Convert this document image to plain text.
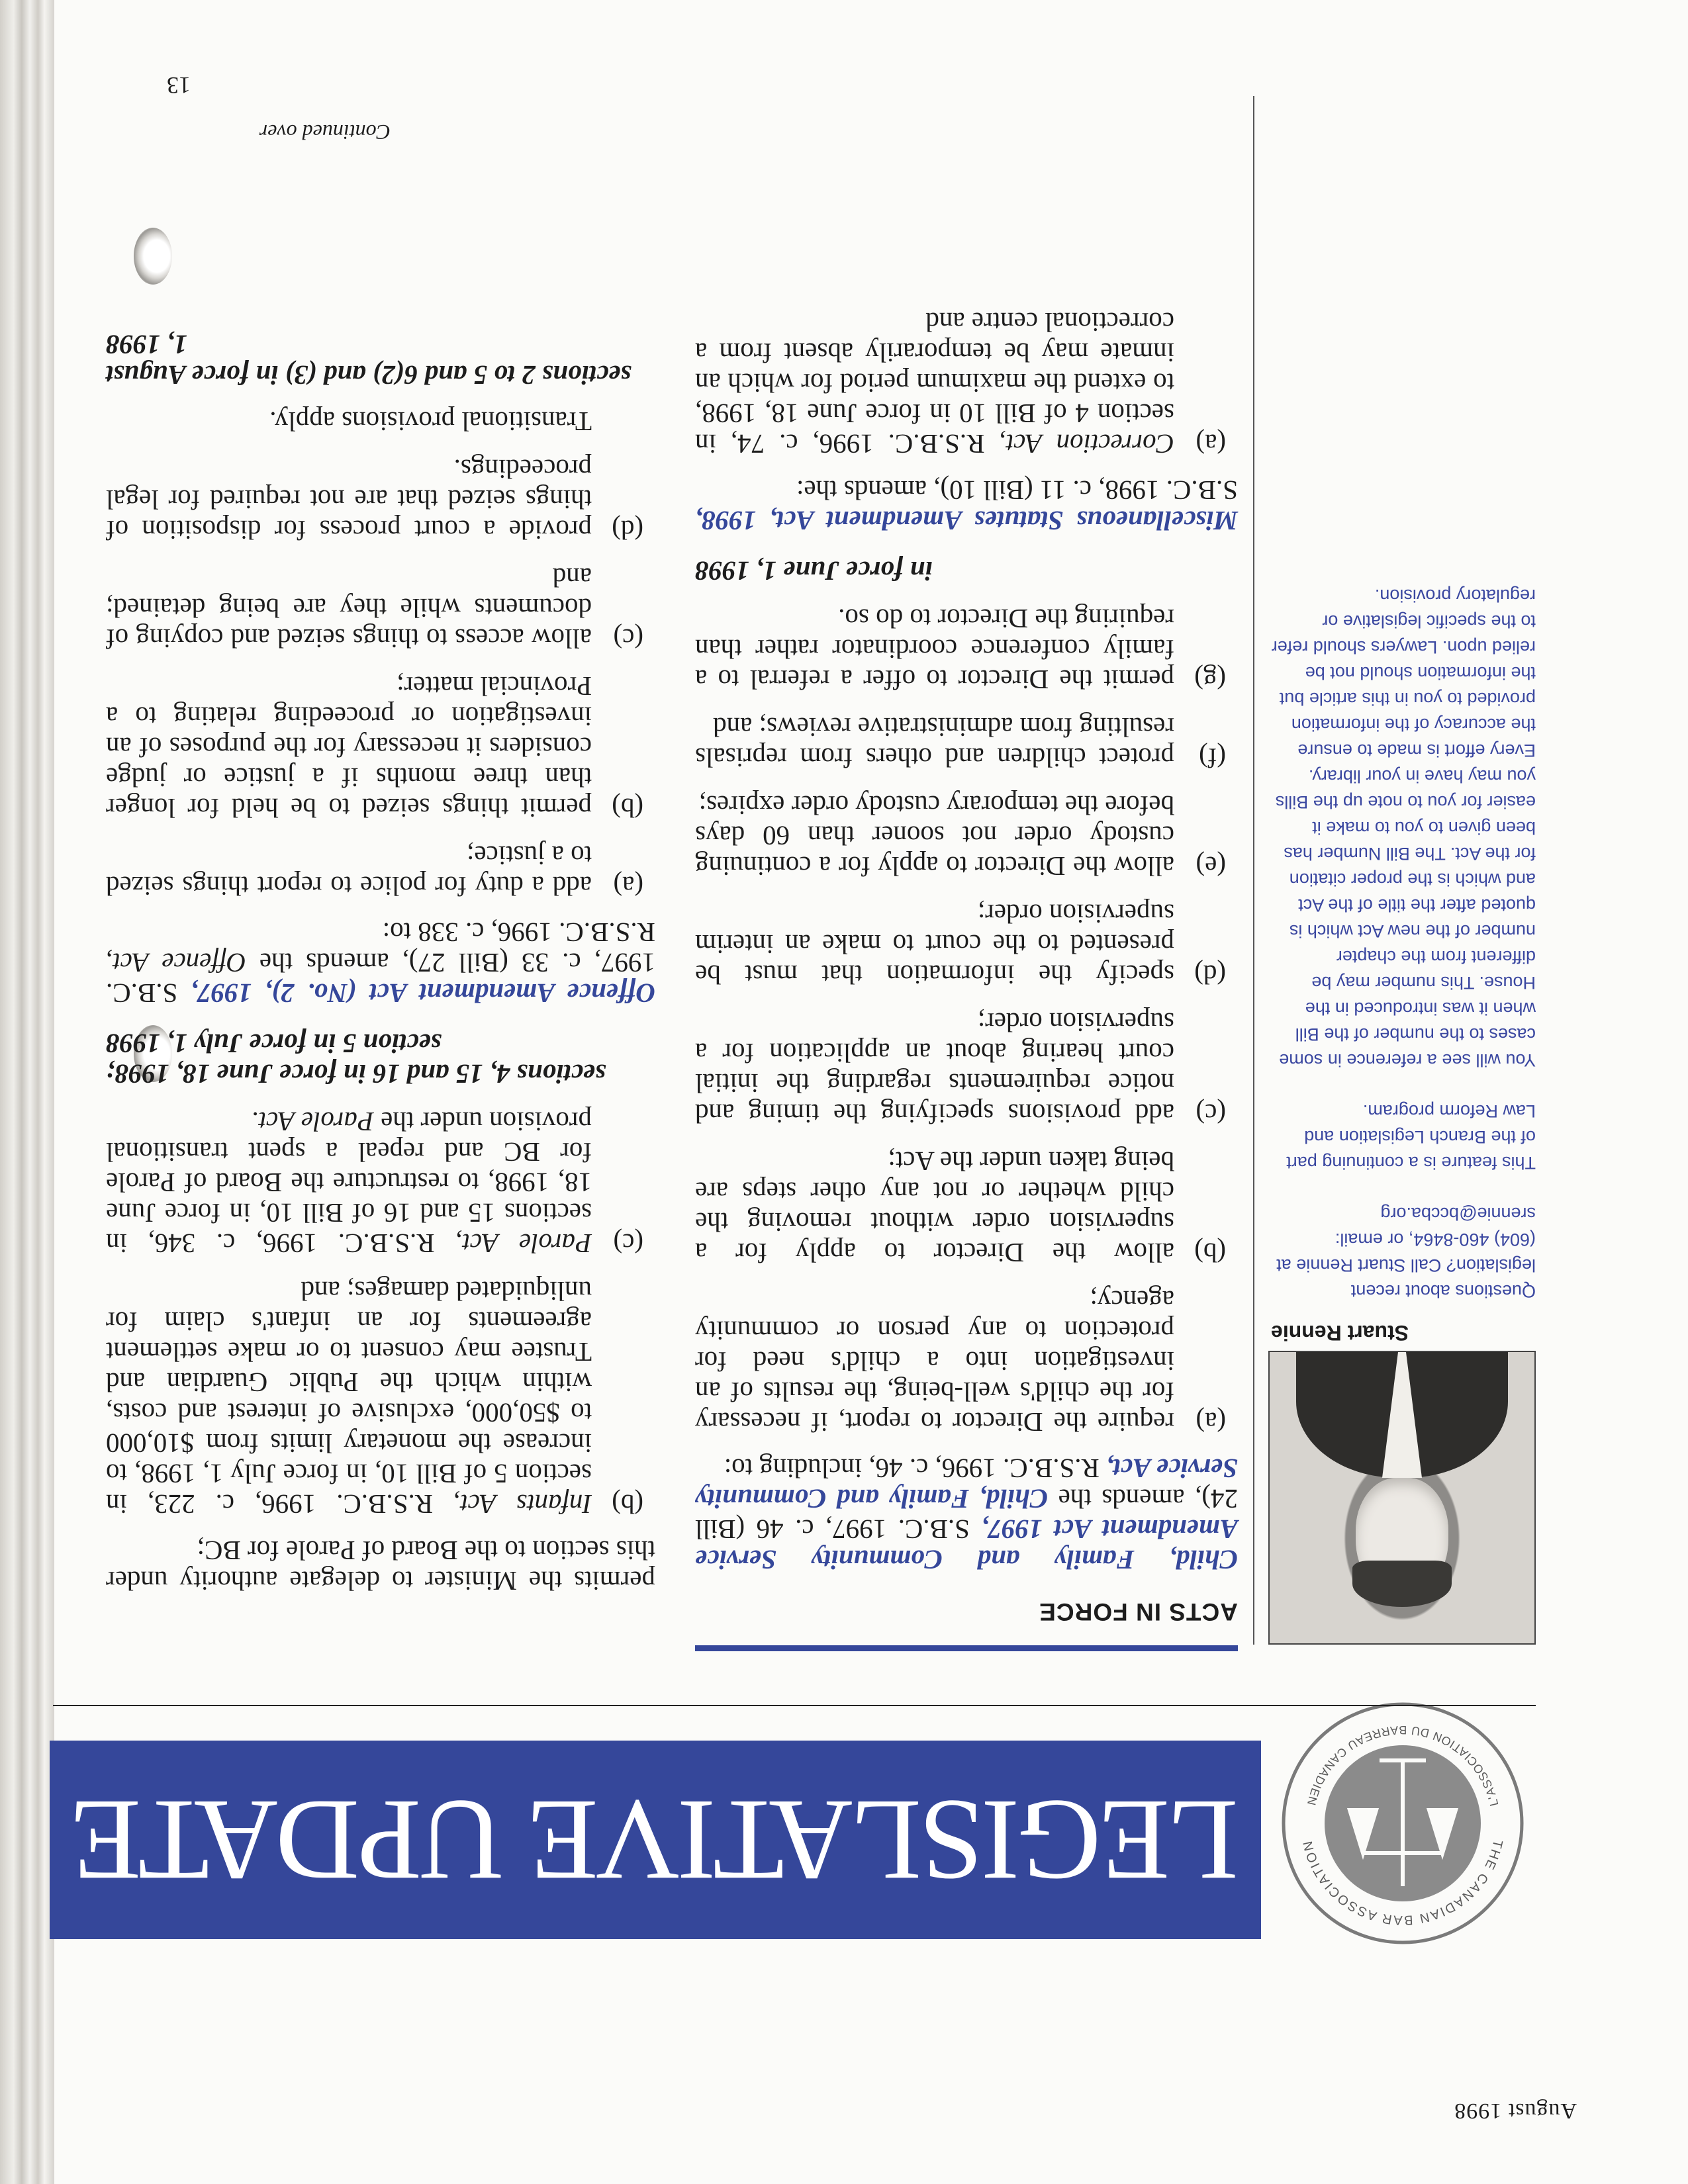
August 1998
THE CANADIAN BAR ASSOCIATION
L'ASSOCIATION DU BARREAU CANADIEN
LEGISLATIVE UPDATE
Stuart Rennie

Questions about recent legislation? Call Stuart Rennie at (604) 460-8464, or email: srennie@bccba.org

This feature is a continuing part of the Branch Legislation and Law Reform program.

You will see a reference in some cases to the number of the Bill when it was introduced in the House. This number may be different from the chapter number of the new Act which is quoted after the title of the Act and which is the proper citation for the Act. The Bill Number has been given to you to make it easier for you to note up the Bills you may have in your library. Every effort is made to ensure the accuracy of the information provided to you in this article but the information should not be relied upon. Lawyers should refer to the specific legislative or regulatory provision.

ACTS IN FORCE

Child, Family and Community Service Amendment Act 1997, S.B.C. 1997, c. 46 (Bill 24), amends the Child, Family and Community Service Act, R.S.B.C. 1996, c. 46, including to:

(a)
require the Director to report, if necessary for the child's well-being, the results of an investigation into a child's need for protection to any person or community agency;
(b)
allow the Director to apply for a supervision order without removing the child whether or not any other steps are being taken under the Act;
(c)
add provisions specifying the timing and notice requirements regarding the initial court hearing about an application for a supervision order;
(d)
specify the information that must be presented to the court to make an interim supervision order;
(e)
allow the Director to apply for a continuing custody order not sooner than 60 days before the temporary custody order expires;
(f)
protect children and others from reprisals resulting from administrative reviews; and
(g)
permit the Director to offer a referral to a family conference coordinator rather than requiring the Director to do so.
in force June 1, 1998

Miscellaneous Statutes Amendment Act, 1998, S.B.C. 1998, c. 11 (Bill 10), amends the:

(a)
Correction Act, R.S.B.C. 1996, c. 74, in section 4 of Bill 10 in force June 18, 1998, to extend the maximum period for which an inmate may be temporarily absent from a correctional centre and

permits the Minister to delegate authority under this section to the Board of Parole for BC;

(b)
Infants Act, R.S.B.C. 1996, c. 223, in section 5 of Bill 10, in force July 1, 1998, to increase the monetary limits from $10,000 to $50,000, exclusive of interest and costs, within which the Public Guardian and Trustee may consent to or make settlement agreements for an infant's claim for unliquidated damages; and
(c)
Parole Act, R.S.B.C. 1996, c. 346, in sections 15 and 16 of Bill 10, in force June 18, 1998, to restructure the Board of Parole for BC and repeal a spent transitional provision under the Parole Act.
sections 4, 15 and 16 in force June 18, 1998;
section 5 in force July 1, 1998

Offence Amendment Act (No. 2), 1997, S.B.C. 1997, c. 33 (Bill 27), amends the Offence Act, R.S.B.C. 1996, c. 338 to:

(a)
add a duty for police to report things seized to a justice;
(b)
permit things seized to be held for longer than three months if a justice or judge considers it necessary for the purposes of an investigation or proceeding relating to a Provincial matter;
(c)
allow access to things seized and copying of documents while they are being detained; and
(d)
provide a court process for disposition of things seized that are not required for legal proceedings.

Transitional provisions apply.

sections 2 to 5 and 6(2) and (3) in force August 1, 1998
Continued over
13
